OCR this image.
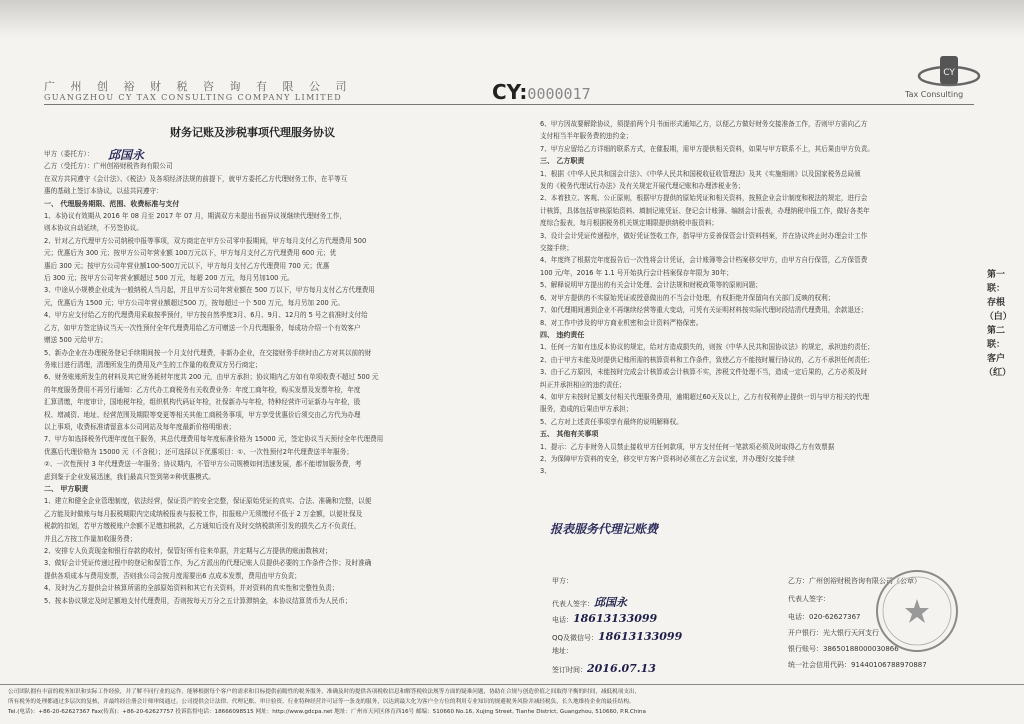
广 州 创 裕 财 税 咨 询 有 限 公 司
GUANGZHOU CY TAX CONSULTING COMPANY LIMITED	CY:0000017
CY
Tax Consulting
财务记账及涉税事项代理服务协议

甲方（委托方）：

乙方（受托方）：广州创裕财税咨询有限公司

在双方共同遵守《会计法》、《税法》及各项经济法规的前提下，就甲方委托乙方代理财务工作，在平等互

惠的基础上签订本协议，以兹共同遵守：

一、 代理服务期限、范围、收费标准与支付

1、本协议有效期从 2016 年 08 月至 2017 年 07 月，期满双方未提出书面异议视继续代理财务工作，

则本协议自动延续，不另签协议。

2、针对乙方代理甲方公司纳税申报等事项，双方商定在甲方公司零申报期间，甲方每月支付乙方代理费用 500

元；优惠后为 300 元；按甲方公司年营业额 100万元以下，甲方每月支付乙方代理费用 600 元；优

惠后 300 元；按甲方公司年营业额100-500万元以下，甲方每月支付乙方代理费用 700 元；优惠

后 300 元；按甲方公司年营业额超过 500 万元，每超 200 万元，每月另加100 元。

3、中途从小规模企业成为一般纳税人当月起，并且甲方公司年营业额在 500 万以下，甲方每月支付乙方代理费用

元，优惠后为 1500 元；甲方公司年营业额超过500 万，按每超过一个 500 万元，每月另加 200 元。

4、甲方应支付给乙方的代理费用采取按季预付，甲方按自然季度3月、6月、9月、12月的 5 号之前准时支付给

乙方，如甲方签定协议当天一次性预付全年代理费用给乙方可赠送一个月代理服务，每成功介绍一个有效客户

赠送 500 元给甲方；

5、新办企业在办理税务登记手续期间按一个月支付代理费，非新办企业，在交接财务手续时由乙方对其以前的财

务账目进行清理，清理所发生的费用及产生的工作量的收费双方另行商定；

6、财务账账所发生的材料及其它财务耗材年度共 200 元，由甲方承担；协议期内乙方如有单项收费不超过 500 元

的年度服务费用不再另行通知：乙方代办工商税务有关收费业务：年度工商年检，购买发票及发票年检，年度

汇算清缴，年度审计，国地税年检，组织机构代码证年检，社保新办与年检，特种经营许可证新办与年检，股

权、增减资、地址、经营范围及期限等变更等相关其他工商税务事项，甲方享受优惠价后须交由乙方代为办理

以上事项，收费标准请留意本公司网站及每年度最新价格明细表；

7、甲方如选择税务代理年度包干服务，其总代理费用每年度标准价格为 15000 元，签定协议当天预付全年代理费用

优惠后代理价格为 15000 元（不含税）；还可选择以下优惠项目：①、一次性预付2年代理费送半年服务；

②、一次性预付 3 年代理费送一年服务；协议期内，不管甲方公司规模如何迅速发展，都不能增加服务费，考

虑到鉴于企业发展迅速，我们最高只签到第②种优惠模式。

二、 甲方职责

1、建立和健全企业管理制度，依法经营，保证资产的安全完整，保证原始凭证的真实、合法、准确和完整，以便

乙方能及时做账与每月报税期限内完成纳税报表与报税工作，扣报账户无须缴付不低于 2 万金额，以便社保及

税款的扣划，若甲方缴税账户余额不足缴扣税款，乙方通知后没有及时交纳税款所引发的损失乙方不负责任，

并且乙方按工作量加收服务费；

2、安排专人负责现金和银行存款的收付，保管好所有往来单据，并定期与乙方提供的账面数核对；

3、做好会计凭证传递过程中的登记和保管工作，为乙方派出的代理记账人员提供必要的工作条件合作；及时准确

提供各项成本与费用发票，否则我公司会按月度需要出6 点成本发票，费用由甲方负责；

4、及时为乙方提供会计核算所需的全部原始资料和其它有关资料，并对资料的真实性和完整性负责；

5、按本协议规定及时足额地支付代理费用，否则按每天万分之五计算滞纳金，本协议结算货币为人民币；

6、甲方因故要解除协议，须提前两个月书面形式通知乙方，以便乙方做好财务交接准备工作，否则甲方需向乙方

支付相当半年服务费的违约金；

7、甲方应留给乙方详细的联系方式，在催报期，需甲方提供相关资料，如果与甲方联系不上，其后果由甲方负责。

三、 乙方职责

1、根据《中华人民共和国会计法》、《中华人民共和国税收征收管理法》及其《实施细则》以及国家税务总局颁

发的《税务代理试行办法》及有关规定开展代理记账和办理涉税业务；

2、本着独立、客观、公正原则，根据甲方提供的原始凭证和相关资料，按照企业会计制度和税法的规定，进行会

计核算，具体包括审核原始资料、填制记账凭证、登记会计账簿、编制会计报表，办理纳税申报工作，做好各类年

度综合报表，每月根据税务机关规定期限提供纳税申报资料；

3、设计会计凭证传递程序，做好凭证签收工作，指导甲方妥善保管会计资料档案，并在协议终止时办理会计工作

交接手续；

4、年度终了根据完年度报告后一次性将会计凭证，会计账簿等会计档案移交甲方，由甲方自行保管，乙方保管费

100 元/年，2016 年 1.1 号开始执行会计档案保存年限为 30年；

5、解释说明甲方提出的有关会计处理、会计法规和财税政策等的原则问题；

6、对甲方提供的不实原始凭证或授意做出的不当会计处理，有权拒绝并保留向有关部门反映的权利；

7、如代理期间遇到企业不再继续经营等重大变动，可凭有关证明材料按实际代理时段结清代理费用，余款退还；

8、对工作中涉及的甲方商业机密和会计资料严格保密。

四、 违约责任

1、任何一方如有违反本协议的规定，给对方造成损失的，则按《中华人民共和国协议法》的规定，承担违约责任；

2、由于甲方未能及时提供记账所需的核算资料和工作条件，致使乙方不能按时履行协议的，乙方不承担任何责任；

3、由于乙方原因，未能按时完成会计核算或会计核算不实，涉税文件处理不当，造成一定后果的，乙方必须及时

纠正并承担相应的违约责任；

4、如甲方未按时足额支付相关代理服务费用，逾期超过60天及以上，乙方有权利停止提供一切与甲方相关的代理

服务，造成的后果由甲方承担；

5、乙方对上述责任事项享有最终的说明解释权。

五、 其他有关事项

1、提示：乙方非财务人员禁止接收甲方任何款项，甲方支付任何一笔款项必须及时取得乙方有效票据

2、为保障甲方资料的安全，移交甲方客户资料时必须在乙方会议室，并办理好交接手续

3、

邱国永
报表服务代理记账费
第一联：存根（白）第二联：客户（红）
甲方：
代表人签字：邱国永
电话：18613133099
QQ及微信号：18613133099
地址：
签订时间：2016.07.13
乙方：广州创裕财税咨询有限公司（公章）
代表人签字：
电话：020-62627367
开户银行：光大银行天河支行
银行账号：38650188000030866
统一社会信用代码：91440106788970887

公司团队拥有丰富的税务知识和实际工作经验，并了解不同行业的运作，能够根据每个客户的需求和目标提供前瞻性的税务服务，准确及时的提供各项税收信息和解答税收法规等方面的疑难问题，协助在合规与创造价值之间取得平衡的时间，减低税项支出，

所有税务的处理都通过多层次的复核，并最终经注册会计师审阅通过。公司提供会计法律、代理记账、审计验资、行业特种经营许可证等一条龙的服务，以达到最大化为客户全方位的利用专业知识的规避税务风险并减轻税负，长久地维持企业的最佳结构。

Tel.(电话)：+86-20-62627367 Fax(传真)：+86-20-62627757 投诉监督电话：18666098515 网址：http://www.gdcpa.net 地址：广州市天河区体育西16号 邮编：510660 No.16, Xujing Street, Tianhe District, Guangzhou, 510660, P.R.China
